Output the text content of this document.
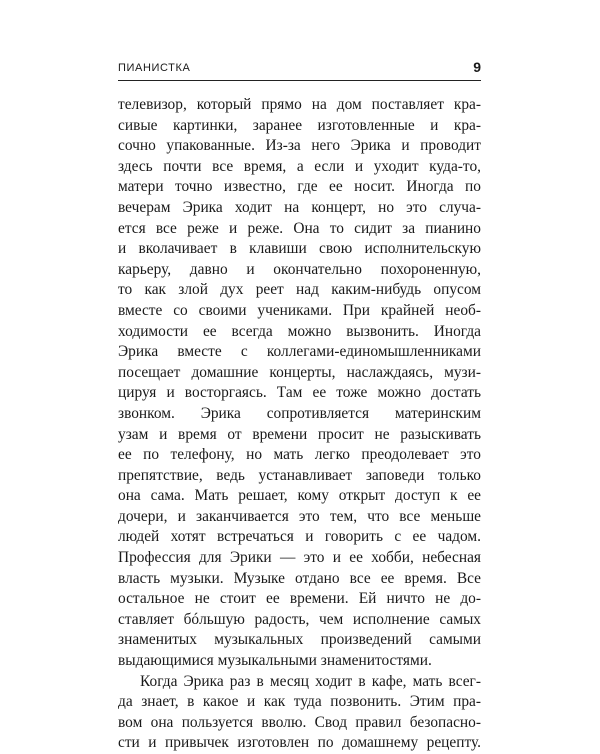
ПИАНИСТКА	9
телевизор, который прямо на дом поставляет кра-
сивые картинки, заранее изготовленные и кра-
сочно упакованные. Из-за него Эрика и проводит
здесь почти все время, а если и уходит куда-то,
матери точно известно, где ее носит. Иногда по
вечерам Эрика ходит на концерт, но это случа-
ется все реже и реже. Она то сидит за пианино
и вколачивает в клавиши свою исполнительскую
карьеру, давно и окончательно похороненную,
то как злой дух реет над каким-нибудь опусом
вместе со своими учениками. При крайней необ-
ходимости ее всегда можно вызвонить. Иногда
Эрика вместе с коллегами-единомышленниками
посещает домашние концерты, наслаждаясь, музи-
цируя и восторгаясь. Там ее тоже можно достать
звонком. Эрика сопротивляется материнским
узам и время от времени просит не разыскивать
ее по телефону, но мать легко преодолевает это
препятствие, ведь устанавливает заповеди только
она сама. Мать решает, кому открыт доступ к ее
дочери, и заканчивается это тем, что все меньше
людей хотят встречаться и говорить с ее чадом.
Профессия для Эрики — это и ее хобби, небесная
власть музыки. Музыке отдано все ее время. Все
остальное не стоит ее времени. Ей ничто не до-
ставляет бóльшую радость, чем исполнение самых
знаменитых музыкальных произведений самыми
выдающимися музыкальными знаменитостями.
Когда Эрика раз в месяц ходит в кафе, мать всег-
да знает, в какое и как туда позвонить. Этим пра-
вом она пользуется вволю. Свод правил безопасно-
сти и привычек изготовлен по домашнему рецепту.
